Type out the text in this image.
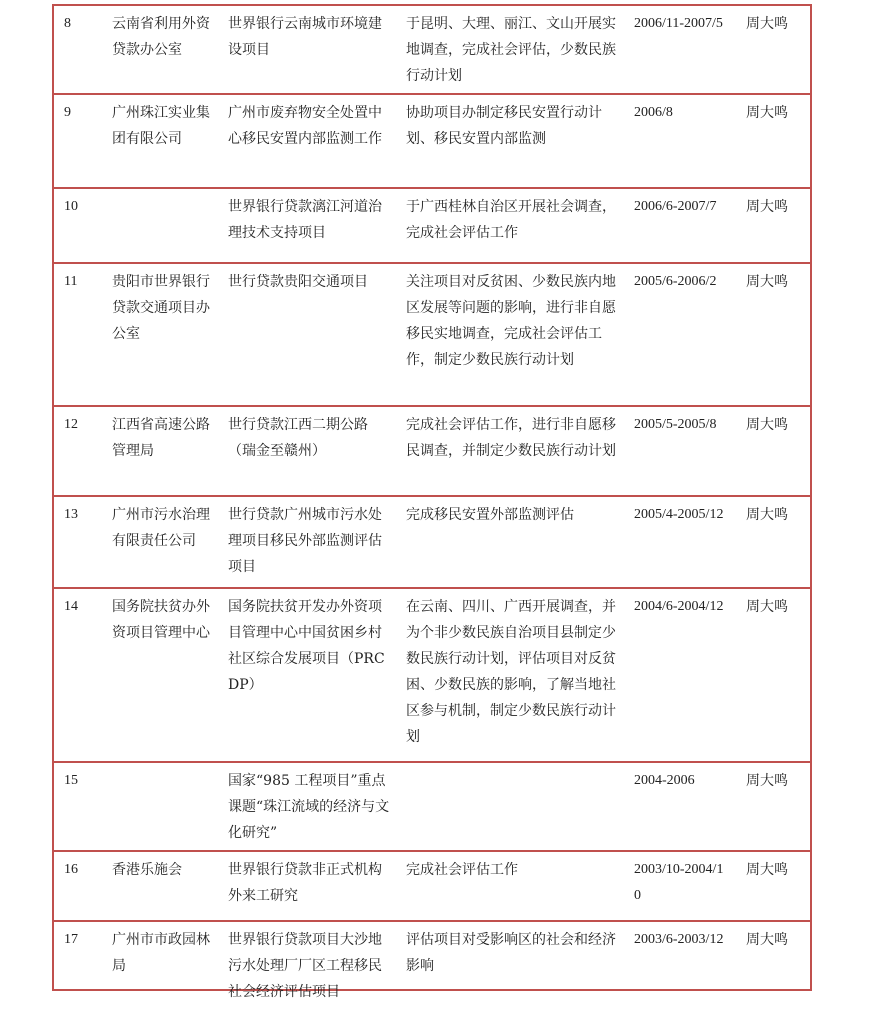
8	云南省利用外资贷款办公室	世界银行云南城市环境建设项目	于昆明、大理、丽江、文山开展实地调查，完成社会评估，少数民族行动计划	2006/11-2007/5	周大鸣
9	广州珠江实业集团有限公司	广州市废弃物安全处置中心移民安置内部监测工作	协助项目办制定移民安置行动计划、移民安置内部监测	2006/8	周大鸣
10		世界银行贷款漓江河道治理技术支持项目	于广西桂林自治区开展社会调查，完成社会评估工作	2006/6-2007/7	周大鸣
11	贵阳市世界银行贷款交通项目办公室	世行贷款贵阳交通项目	关注项目对反贫困、少数民族内地区发展等问题的影响，进行非自愿移民实地调查，完成社会评估工作，制定少数民族行动计划	2005/6-2006/2	周大鸣
12	江西省高速公路管理局	世行贷款江西二期公路（瑞金至赣州）	完成社会评估工作，进行非自愿移民调查，并制定少数民族行动计划	2005/5-2005/8	周大鸣
13	广州市污水治理有限责任公司	世行贷款广州城市污水处理项目移民外部监测评估项目	完成移民安置外部监测评估	2005/4-2005/12	周大鸣
14	国务院扶贫办外资项目管理中心	国务院扶贫开发办外资项目管理中心中国贫困乡村社区综合发展项目（PRCDP）	在云南、四川、广西开展调查，并为个非少数民族自治项目县制定少数民族行动计划，评估项目对反贫困、少数民族的影响，了解当地社区参与机制，制定少数民族行动计划	2004/6-2004/12	周大鸣
15		国家“985 工程项目”重点课题“珠江流域的经济与文化研究”		2004-2006	周大鸣
16	香港乐施会	世界银行贷款非正式机构外来工研究	完成社会评估工作	2003/10-2004/10	周大鸣
17	广州市市政园林局	世界银行贷款项目大沙地污水处理厂厂区工程移民社会经济评估项目	评估项目对受影响区的社会和经济影响	2003/6-2003/12	周大鸣
